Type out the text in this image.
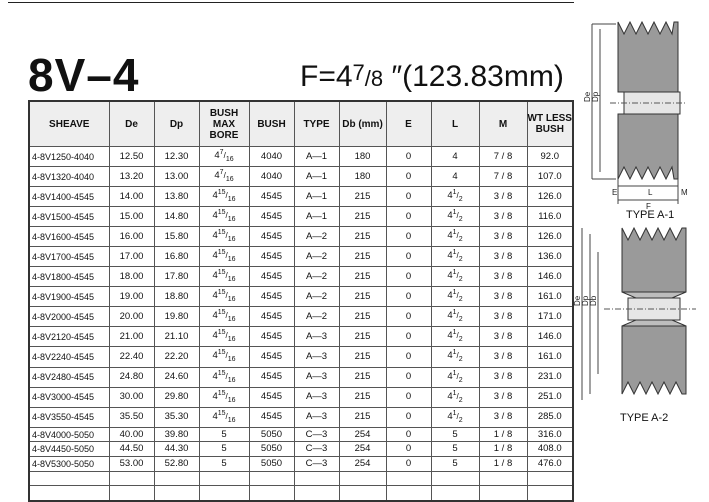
8V–4	$F=4^7/8$ ″(123.83mm)
SHEAVE	De	Dp	BUSH MAX BORE	BUSH	TYPE	Db (mm)	E	L	M	WT LESS BUSH
4-8V1250-4040	12.50	12.30	$4^7/_{16}$	4040	A—1	180	0	4	7 / 8	92.0
4-8V1320-4040	13.20	13.00	$4^7/_{16}$	4040	A—1	180	0	4	7 / 8	107.0
4-8V1400-4545	14.00	13.80	$4^{15}/_{16}$	4545	A—1	215	0	$4^1/_2$	3 / 8	126.0
4-8V1500-4545	15.00	14.80	$4^{15}/_{16}$	4545	A—1	215	0	$4^1/_2$	3 / 8	116.0
4-8V1600-4545	16.00	15.80	$4^{15}/_{16}$	4545	A—2	215	0	$4^1/_2$	3 / 8	126.0
4-8V1700-4545	17.00	16.80	$4^{15}/_{16}$	4545	A—2	215	0	$4^1/_2$	3 / 8	136.0
4-8V1800-4545	18.00	17.80	$4^{15}/_{16}$	4545	A—2	215	0	$4^1/_2$	3 / 8	146.0
4-8V1900-4545	19.00	18.80	$4^{15}/_{16}$	4545	A—2	215	0	$4^1/_2$	3 / 8	161.0
4-8V2000-4545	20.00	19.80	$4^{15}/_{16}$	4545	A—2	215	0	$4^1/_2$	3 / 8	171.0
4-8V2120-4545	21.00	21.10	$4^{15}/_{16}$	4545	A—3	215	0	$4^1/_2$	3 / 8	146.0
4-8V2240-4545	22.40	22.20	$4^{15}/_{16}$	4545	A—3	215	0	$4^1/_2$	3 / 8	161.0
4-8V2480-4545	24.80	24.60	$4^{15}/_{16}$	4545	A—3	215	0	$4^1/_2$	3 / 8	231.0
4-8V3000-4545	30.00	29.80	$4^{15}/_{16}$	4545	A—3	215	0	$4^1/_2$	3 / 8	251.0
4-8V3550-4545	35.50	35.30	$4^{15}/_{16}$	4545	A—3	215	0	$4^1/_2$	3 / 8	285.0
4-8V4000-5050	40.00	39.80	5	5050	C—3	254	0	5	1 / 8	316.0
4-8V4450-5050	44.50	44.30	5	5050	C—3	254	0	5	1 / 8	408.0
4-8V5300-5050	53.00	52.80	5	5050	C—3	254	0	5	1 / 8	476.0

De Dp
E	L	M
F
TYPE A-1
De Dp Db
TYPE A-2
